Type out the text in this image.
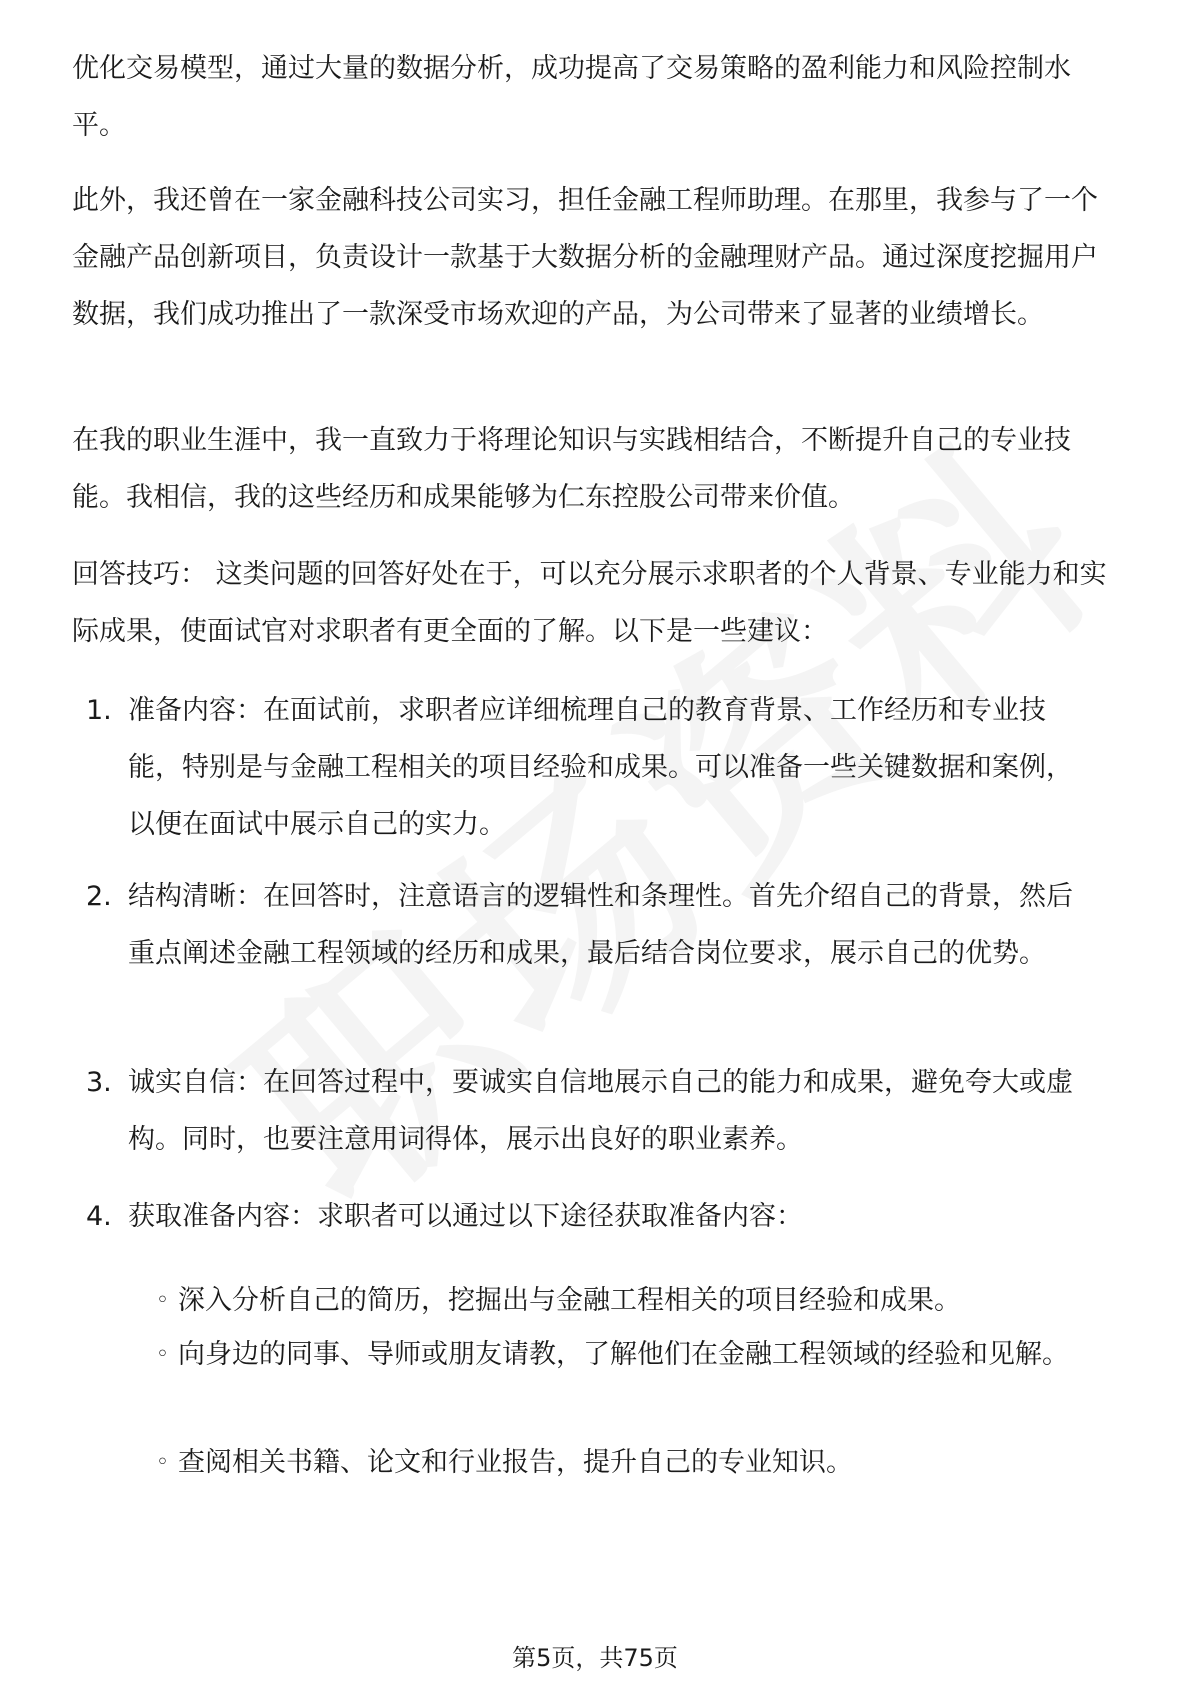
优化交易模型，通过大量的数据分析，成功提高了交易策略的盈利能力和风险控制水平。

此外，我还曾在一家金融科技公司实习，担任金融工程师助理。在那里，我参与了一个金融产品创新项目，负责设计一款基于大数据分析的金融理财产品。通过深度挖掘用户数据，我们成功推出了一款深受市场欢迎的产品，为公司带来了显著的业绩增长。

在我的职业生涯中，我一直致力于将理论知识与实践相结合，不断提升自己的专业技能。我相信，我的这些经历和成果能够为仁东控股公司带来价值。

回答技巧： 这类问题的回答好处在于，可以充分展示求职者的个人背景、专业能力和实际成果，使面试官对求职者有更全面的了解。以下是一些建议：

1. 准备内容：在面试前，求职者应详细梳理自己的教育背景、工作经历和专业技能，特别是与金融工程相关的项目经验和成果。可以准备一些关键数据和案例，以便在面试中展示自己的实力。
2. 结构清晰：在回答时，注意语言的逻辑性和条理性。首先介绍自己的背景，然后重点阐述金融工程领域的经历和成果，最后结合岗位要求，展示自己的优势。
3. 诚实自信：在回答过程中，要诚实自信地展示自己的能力和成果，避免夸大或虚构。同时，也要注意用词得体，展示出良好的职业素养。
4. 获取准备内容：求职者可以通过以下途径获取准备内容：
◦ 深入分析自己的简历，挖掘出与金融工程相关的项目经验和成果。
◦ 向身边的同事、导师或朋友请教，了解他们在金融工程领域的经验和见解。
◦ 查阅相关书籍、论文和行业报告，提升自己的专业知识。
第5页，共75页
